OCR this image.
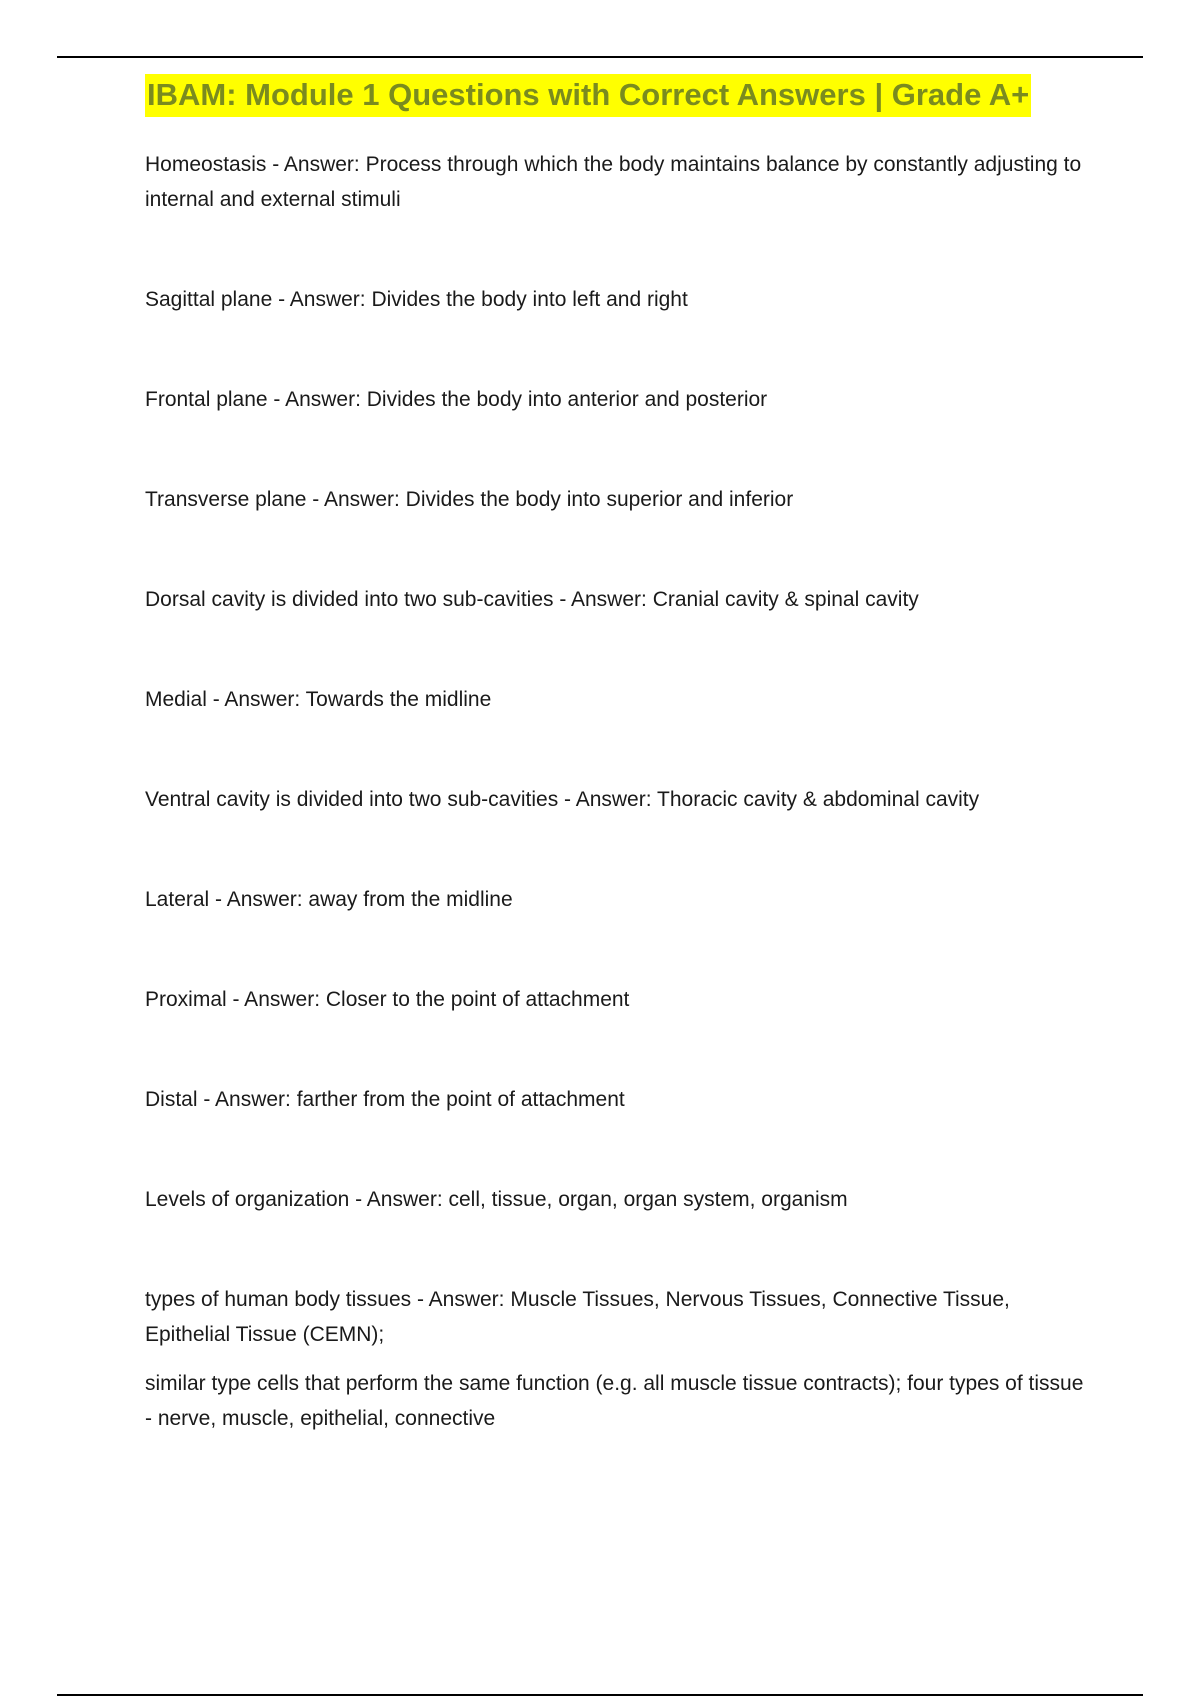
IBAM: Module 1 Questions with Correct Answers | Grade A+

Homeostasis - Answer: Process through which the body maintains balance by constantly adjusting to internal and external stimuli

Sagittal plane - Answer: Divides the body into left and right

Frontal plane - Answer: Divides the body into anterior and posterior

Transverse plane - Answer: Divides the body into superior and inferior

Dorsal cavity is divided into two sub-cavities - Answer: Cranial cavity & spinal cavity

Medial - Answer: Towards the midline

Ventral cavity is divided into two sub-cavities - Answer: Thoracic cavity & abdominal cavity

Lateral - Answer: away from the midline

Proximal - Answer: Closer to the point of attachment

Distal - Answer: farther from the point of attachment

Levels of organization - Answer: cell, tissue, organ, organ system, organism

types of human body tissues - Answer: Muscle Tissues, Nervous Tissues, Connective Tissue, Epithelial Tissue (CEMN);

similar type cells that perform the same function (e.g. all muscle tissue contracts); four types of tissue - nerve, muscle, epithelial, connective
